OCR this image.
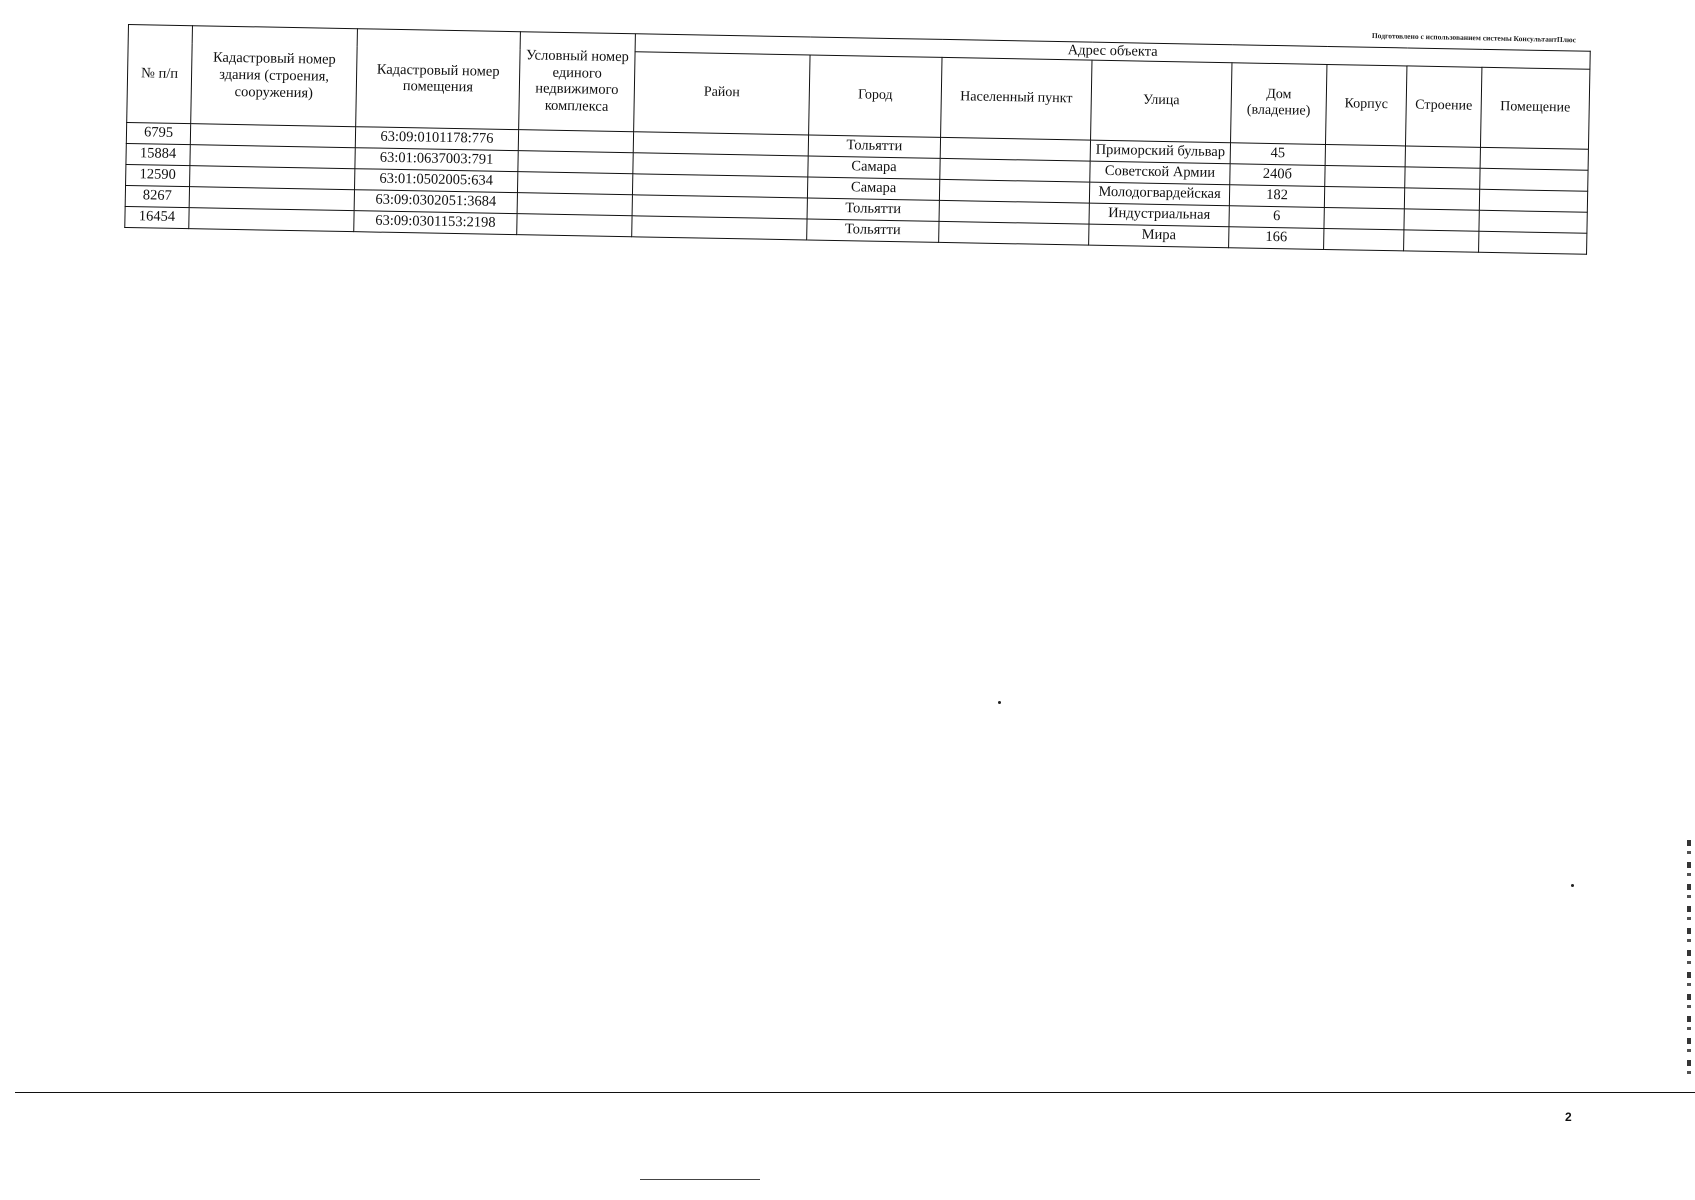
Подготовлено с использованием системы КонсультантПлюс
№ п/п	Кадастровый номер здания (строения, сооружения)	Кадастровый номер помещения	Условный номер единого недвижимого комплекса	Адрес объекта							
				Район	Город	Населенный пункт	Улица	Дом (владение)	Корпус	Строение	Помещение
6795		63:09:0101178:776			Тольятти		Приморский бульвар	45			
15884		63:01:0637003:791			Самара		Советской Армии	240б			
12590		63:01:0502005:634			Самара		Молодогвардейская	182			
8267		63:09:0302051:3684			Тольятти		Индустриальная	6			
16454		63:09:0301153:2198			Тольятти		Мира	166			
2
